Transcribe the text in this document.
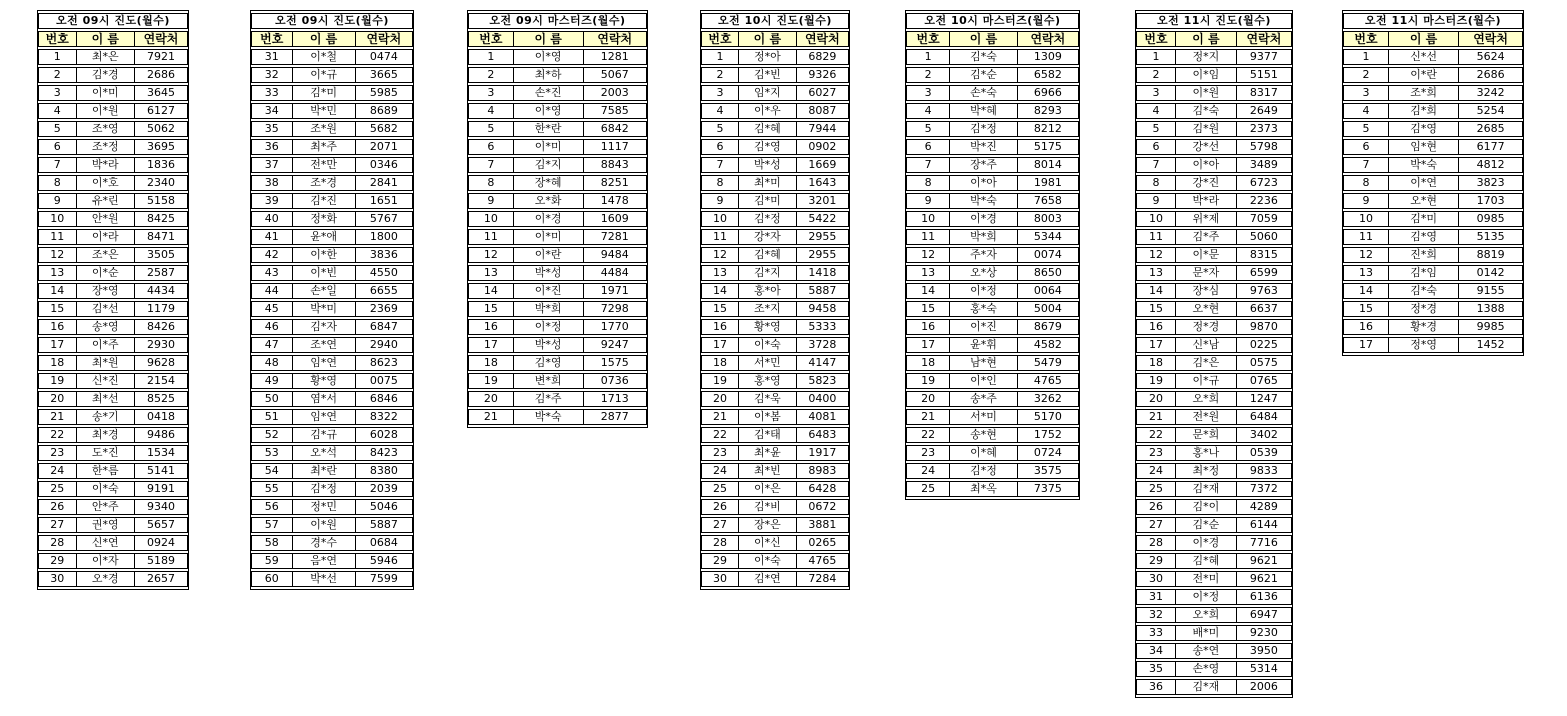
오전 09시 진도(월수)		
번호	이 름	연락처
1	최*은	7921
2	김*경	2686
3	이*미	3645
4	이*원	6127
5	조*영	5062
6	조*정	3695
7	박*라	1836
8	이*호	2340
9	유*린	5158
10	안*원	8425
11	이*라	8471
12	조*은	3505
13	이*순	2587
14	장*영	4434
15	김*선	1179
16	송*영	8426
17	이*주	2930
18	최*원	9628
19	신*진	2154
20	최*선	8525
21	송*기	0418
22	최*경	9486
23	도*진	1534
24	한*름	5141
25	이*숙	9191
26	안*주	9340
27	권*영	5657
28	신*연	0924
29	이*자	5189
30	오*경	2657
오전 09시 진도(월수)		
번호	이 름	연락처
31	이*철	0474
32	이*규	3665
33	김*미	5985
34	박*민	8689
35	조*원	5682
36	최*주	2071
37	전*만	0346
38	조*경	2841
39	김*진	1651
40	정*화	5767
41	윤*애	1800
42	이*한	3836
43	이*빈	4550
44	손*일	6655
45	박*미	2369
46	김*자	6847
47	조*연	2940
48	임*연	8623
49	황*영	0075
50	염*서	6846
51	임*연	8322
52	김*규	6028
53	오*석	8423
54	최*란	8380
55	김*정	2039
56	정*민	5046
57	이*원	5887
58	경*수	0684
59	음*연	5946
60	박*선	7599
오전 09시 마스터즈(월수)		
번호	이 름	연락처
1	이*영	1281
2	최*하	5067
3	손*진	2003
4	이*영	7585
5	한*란	6842
6	이*미	1117
7	김*지	8843
8	장*혜	8251
9	오*화	1478
10	이*경	1609
11	이*미	7281
12	이*란	9484
13	박*성	4484
14	이*진	1971
15	박*희	7298
16	이*정	1770
17	박*성	9247
18	김*영	1575
19	변*희	0736
20	김*주	1713
21	박*숙	2877
오전 10시 진도(월수)		
번호	이 름	연락처
1	정*아	6829
2	김*빈	9326
3	임*지	6027
4	이*우	8087
5	김*혜	7944
6	김*영	0902
7	박*성	1669
8	최*미	1643
9	김*미	3201
10	김*정	5422
11	강*자	2955
12	김*혜	2955
13	김*지	1418
14	홍*아	5887
15	조*지	9458
16	황*영	5333
17	이*숙	3728
18	서*민	4147
19	홍*영	5823
20	김*욱	0400
21	이*봄	4081
22	김*태	6483
23	최*윤	1917
24	최*빈	8983
25	이*은	6428
26	김*비	0672
27	장*은	3881
28	이*신	0265
29	이*숙	4765
30	김*연	7284
오전 10시 마스터즈(월수)		
번호	이 름	연락처
1	김*숙	1309
2	김*순	6582
3	손*숙	6966
4	박*혜	8293
5	김*정	8212
6	박*진	5175
7	장*주	8014
8	이*아	1981
9	박*숙	7658
10	이*경	8003
11	박*희	5344
12	주*자	0074
13	오*상	8650
14	이*정	0064
15	홍*숙	5004
16	이*진	8679
17	윤*휘	4582
18	남*현	5479
19	이*인	4765
20	송*주	3262
21	서*미	5170
22	송*현	1752
23	이*혜	0724
24	김*정	3575
25	최*옥	7375
오전 11시 진도(월수)		
번호	이 름	연락처
1	정*지	9377
2	이*임	5151
3	이*원	8317
4	김*숙	2649
5	김*원	2373
6	강*선	5798
7	이*아	3489
8	강*진	6723
9	박*라	2236
10	위*제	7059
11	김*주	5060
12	이*문	8315
13	문*자	6599
14	장*심	9763
15	오*현	6637
16	정*경	9870
17	신*남	0225
18	김*은	0575
19	이*규	0765
20	오*희	1247
21	전*원	6484
22	문*희	3402
23	홍*나	0539
24	최*정	9833
25	김*재	7372
26	김*이	4289
27	김*순	6144
28	이*경	7716
29	김*혜	9621
30	전*미	9621
31	이*정	6136
32	오*희	6947
33	배*미	9230
34	송*연	3950
35	손*영	5314
36	김*재	2006
오전 11시 마스터즈(월수)		
번호	이 름	연락처
1	신*선	5624
2	이*란	2686
3	조*희	3242
4	김*희	5254
5	김*영	2685
6	임*현	6177
7	박*숙	4812
8	이*연	3823
9	오*현	1703
10	김*미	0985
11	김*영	5135
12	진*희	8819
13	김*임	0142
14	김*숙	9155
15	정*경	1388
16	황*경	9985
17	정*영	1452
